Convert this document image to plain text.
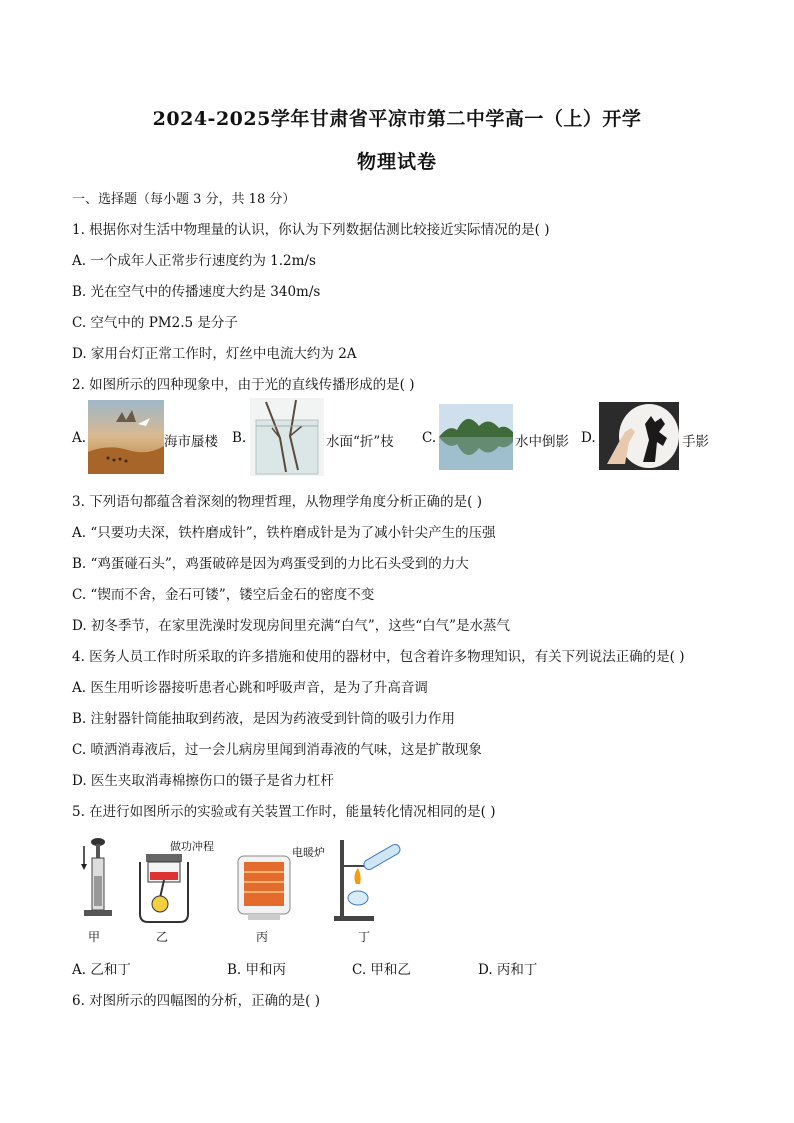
2024-2025学年甘肃省平凉市第二中学高一（上）开学
物理试卷
一、选择题（每小题 3 分，共 18 分）
1. 根据你对生活中物理量的认识，你认为下列数据估测比较接近实际情况的是( )
A. 一个成年人正常步行速度约为 1.2m/s
B. 光在空气中的传播速度大约是 340m/s
C. 空气中的 PM2.5 是分子
D. 家用台灯正常工作时，灯丝中电流大约为 2A
2. 如图所示的四种现象中，由于光的直线传播形成的是( )
A.	海市蜃楼 B.	水面“折”枝 C.	水中倒影 D.	手影
3. 下列语句都蕴含着深刻的物理哲理，从物理学角度分析正确的是( )
A. “只要功夫深，铁杵磨成针”，铁杵磨成针是为了减小针尖产生的压强
B. “鸡蛋碰石头”，鸡蛋破碎是因为鸡蛋受到的力比石头受到的力大
C. “锲而不舍，金石可镂”，镂空后金石的密度不变
D. 初冬季节，在家里洗澡时发现房间里充满“白气”，这些“白气”是水蒸气
4. 医务人员工作时所采取的许多措施和使用的器材中，包含着许多物理知识，有关下列说法正确的是( )
A. 医生用听诊器接听患者心跳和呼吸声音，是为了升高音调
B. 注射器针筒能抽取到药液，是因为药液受到针筒的吸引力作用
C. 喷洒消毒液后，过一会儿病房里闻到消毒液的气味，这是扩散现象
D. 医生夹取消毒棉擦伤口的镊子是省力杠杆
5. 在进行如图所示的实验或有关装置工作时，能量转化情况相同的是( )
甲	乙	丙	丁
做功冲程	电暖炉
A. 乙和丁	B. 甲和丙	C. 甲和乙	D. 丙和丁
6. 对图所示的四幅图的分析，正确的是( )
